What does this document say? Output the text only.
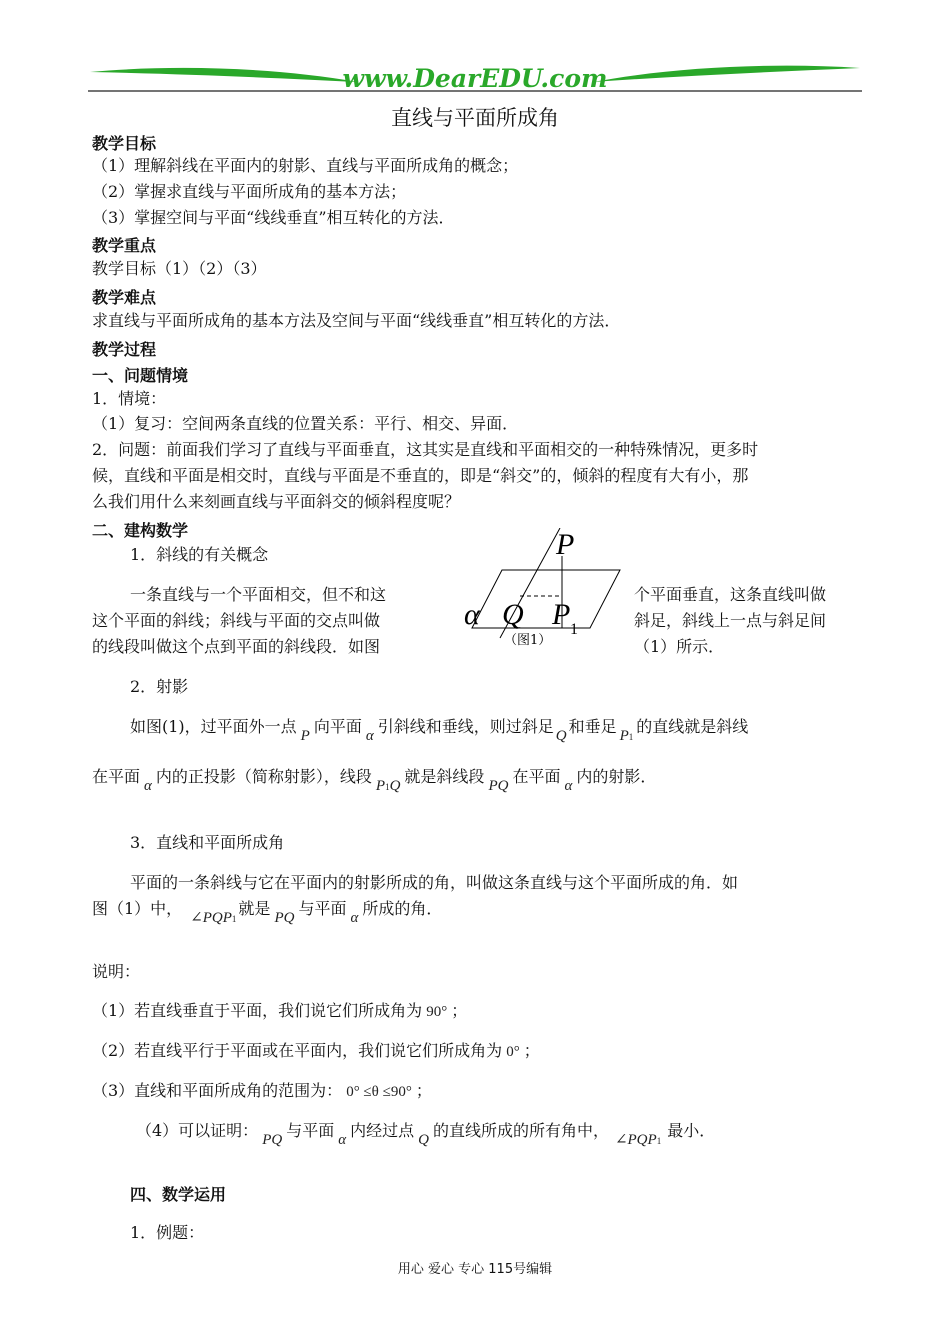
www.DearEDU.com
直线与平面所成角
教学目标
（1）理解斜线在平面内的射影、直线与平面所成角的概念；
（2）掌握求直线与平面所成角的基本方法；
（3）掌握空间与平面“线线垂直”相互转化的方法．
教学重点
教学目标（1）（2）（3）
教学难点
求直线与平面所成角的基本方法及空间与平面“线线垂直”相互转化的方法．
教学过程
一、问题情境
1．情境：
（1）复习：空间两条直线的位置关系：平行、相交、异面．
2．问题：前面我们学习了直线与平面垂直，这其实是直线和平面相交的一种特殊情况，更多时
候，直线和平面是相交时，直线与平面是不垂直的，即是“斜交”的，倾斜的程度有大有小，那
么我们用什么来刻画直线与平面斜交的倾斜程度呢？
二、建构数学
1．斜线的有关概念
一条直线与一个平面相交，但不和这
这个平面的斜线；斜线与平面的交点叫做
的线段叫做这个点到平面的斜线段．如图
个平面垂直，这条直线叫做
斜足，斜线上一点与斜足间
（1）所示．
P
α Q P 1
（图1）
2．射影
如图(1)，过平面外一点 P 向平面 α 引斜线和垂线，则过斜足 Q 和垂足 P1的直线就是斜线
在平面 α 内的正投影（简称射影），线段 P1Q 就是斜线段 PQ 在平面 α 内的射影．
3．直线和平面所成角
平面的一条斜线与它在平面内的射影所成的角，叫做这条直线与这个平面所成的角．如
图（1）中， ∠PQP1就是 PQ 与平面 α 所成的角．
说明：
（1）若直线垂直于平面，我们说它们所成角为 90° ；
（2）若直线平行于平面或在平面内，我们说它们所成角为 0° ；
（3）直线和平面所成角的范围为： 0° ≤θ ≤90° ；
（4）可以证明： PQ 与平面 α 内经过点 Q 的直线所成的所有角中， ∠PQP1最小．
四、数学运用
1．例题：
用心 爱心 专心 115号编辑
